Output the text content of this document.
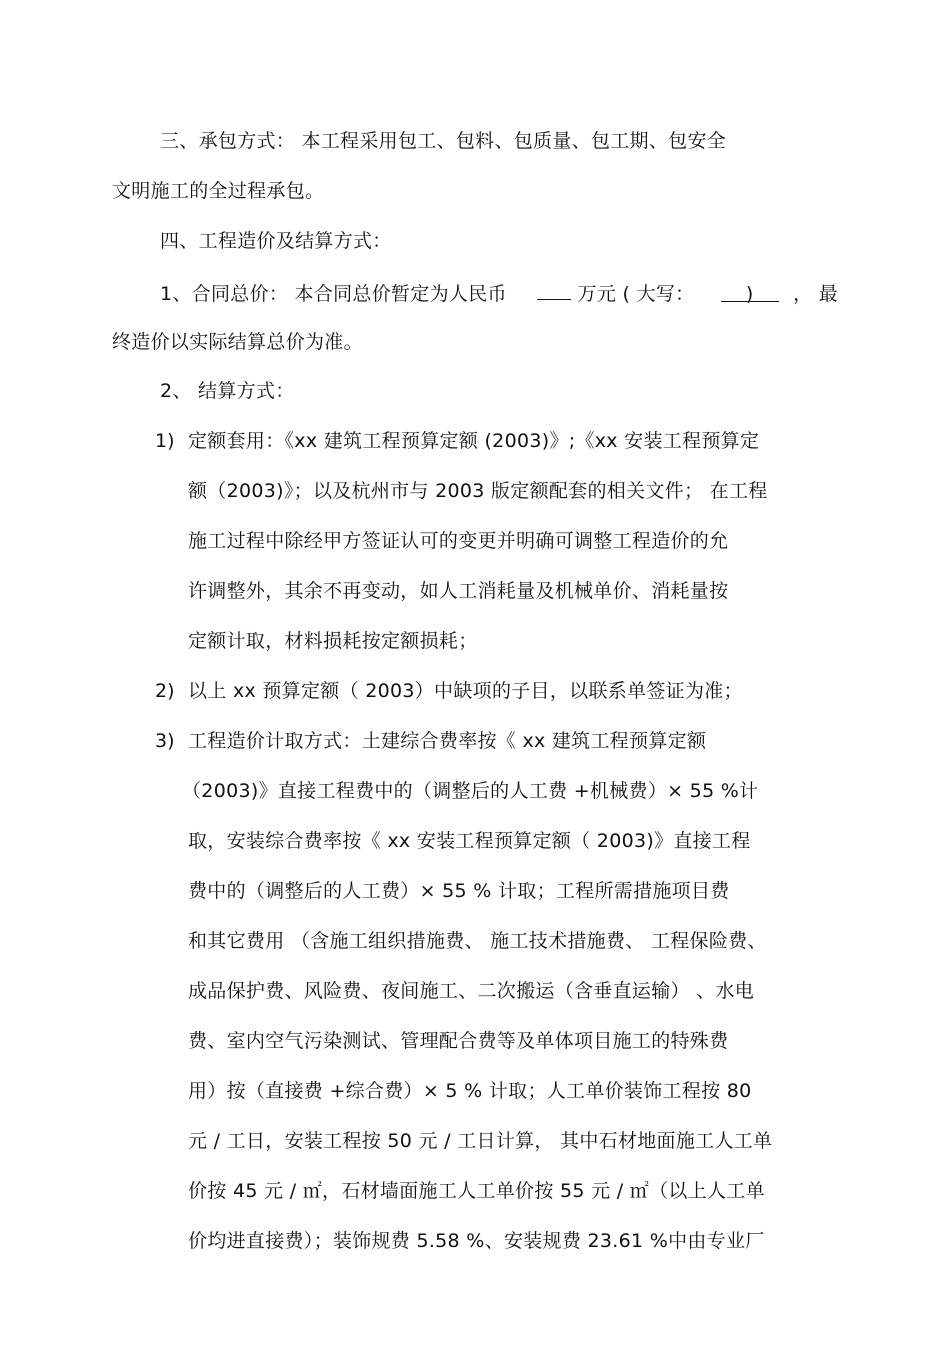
三、承包方式： 本工程采用包工、包料、包质量、包工期、包安全
文明施工的全过程承包。
四、工程造价及结算方式：
1、合同总价： 本合同总价暂定为人民币	万元 ( 大写：	) ， 最
终造价以实际结算总价为准。
2、 结算方式：
1) 定额套用：《xx 建筑工程预算定额 (2003)》;《xx 安装工程预算定
额（2003)》；以及杭州市与 2003 版定额配套的相关文件； 在工程
施工过程中除经甲方签证认可的变更并明确可调整工程造价的允
许调整外，其余不再变动，如人工消耗量及机械单价、消耗量按
定额计取，材料损耗按定额损耗；
2) 以上 xx 预算定额（ 2003）中缺项的子目，以联系单签证为准；
3) 工程造价计取方式：土建综合费率按《 xx 建筑工程预算定额
（2003)》直接工程费中的（调整后的人工费 +机械费）× 55 %计
取，安装综合费率按《 xx 安装工程预算定额（ 2003)》直接工程
费中的（调整后的人工费）× 55 % 计取；工程所需措施项目费
和其它费用 （含施工组织措施费、 施工技术措施费、 工程保险费、
成品保护费、风险费、夜间施工、二次搬运（含垂直运输） 、水电
费、室内空气污染测试、管理配合费等及单体项目施工的特殊费
用）按（直接费 +综合费）× 5 % 计取；人工单价装饰工程按 80
元 / 工日，安装工程按 50 元 / 工日计算， 其中石材地面施工人工单
价按 45 元 / ㎡，石材墙面施工人工单价按 55 元 / ㎡（以上人工单
价均进直接费）；装饰规费 5.58 %、安装规费 23.61 %中由专业厂
